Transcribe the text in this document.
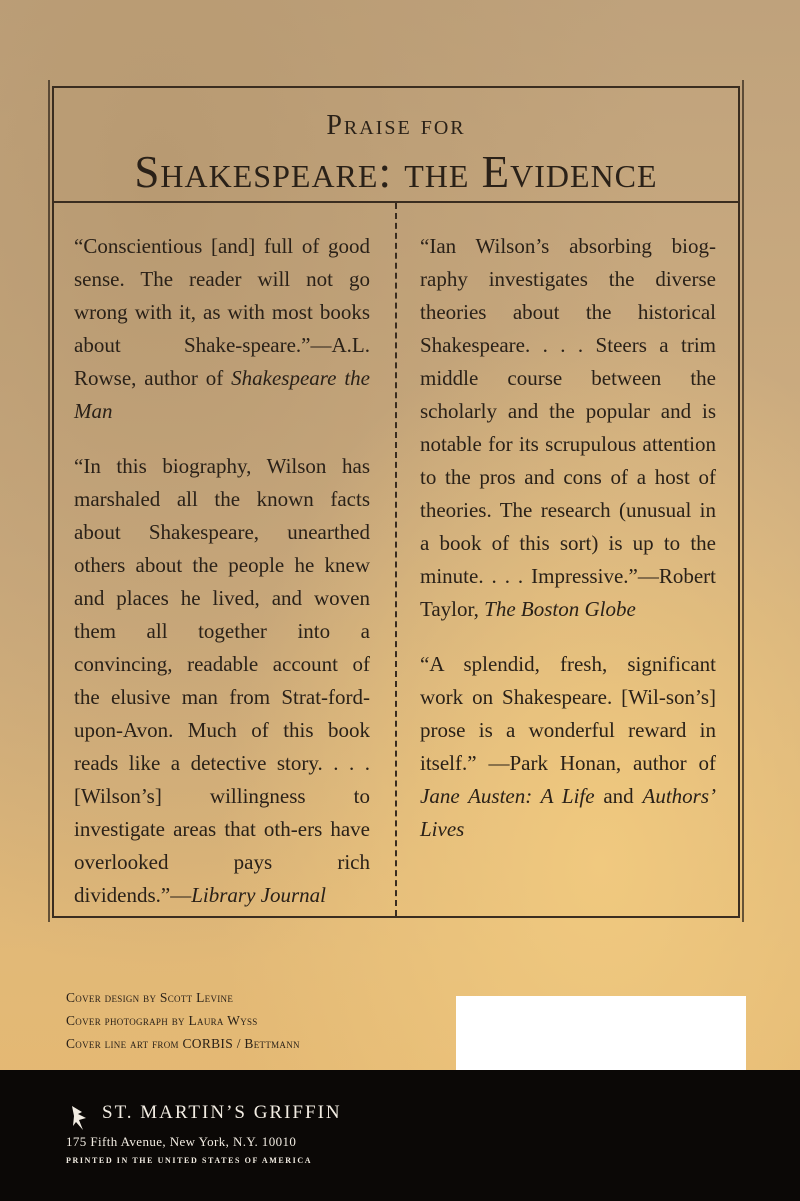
Praise for
Shakespeare: the Evidence

“Conscientious [and] full of good sense. The reader will not go wrong with it, as with most books about Shake-speare.”—A.L. Rowse, author of Shakespeare the Man

“In this biography, Wilson has marshaled all the known facts about Shakespeare, unearthed others about the people he knew and places he lived, and woven them all together into a convincing, readable account of the elusive man from Strat-ford-upon-Avon. Much of this book reads like a detective story. . . . [Wilson’s] willingness to investigate areas that oth-ers have overlooked pays rich dividends.”—Library Journal

“Ian Wilson’s absorbing biog-raphy investigates the diverse theories about the historical Shakespeare. . . . Steers a trim middle course between the scholarly and the popular and is notable for its scrupulous attention to the pros and cons of a host of theories. The research (unusual in a book of this sort) is up to the minute. . . . Impressive.”—Robert Taylor, The Boston Globe

“A splendid, fresh, significant work on Shakespeare. [Wil-son’s] prose is a wonderful reward in itself.” —Park Honan, author of Jane Austen: A Life and Authors’ Lives

Cover design by Scott Levine
Cover photograph by Laura Wyss
Cover line art from CORBIS / Bettmann
ST. MARTIN’S GRIFFIN
175 Fifth Avenue, New York, N.Y. 10010
PRINTED IN THE UNITED STATES OF AMERICA
